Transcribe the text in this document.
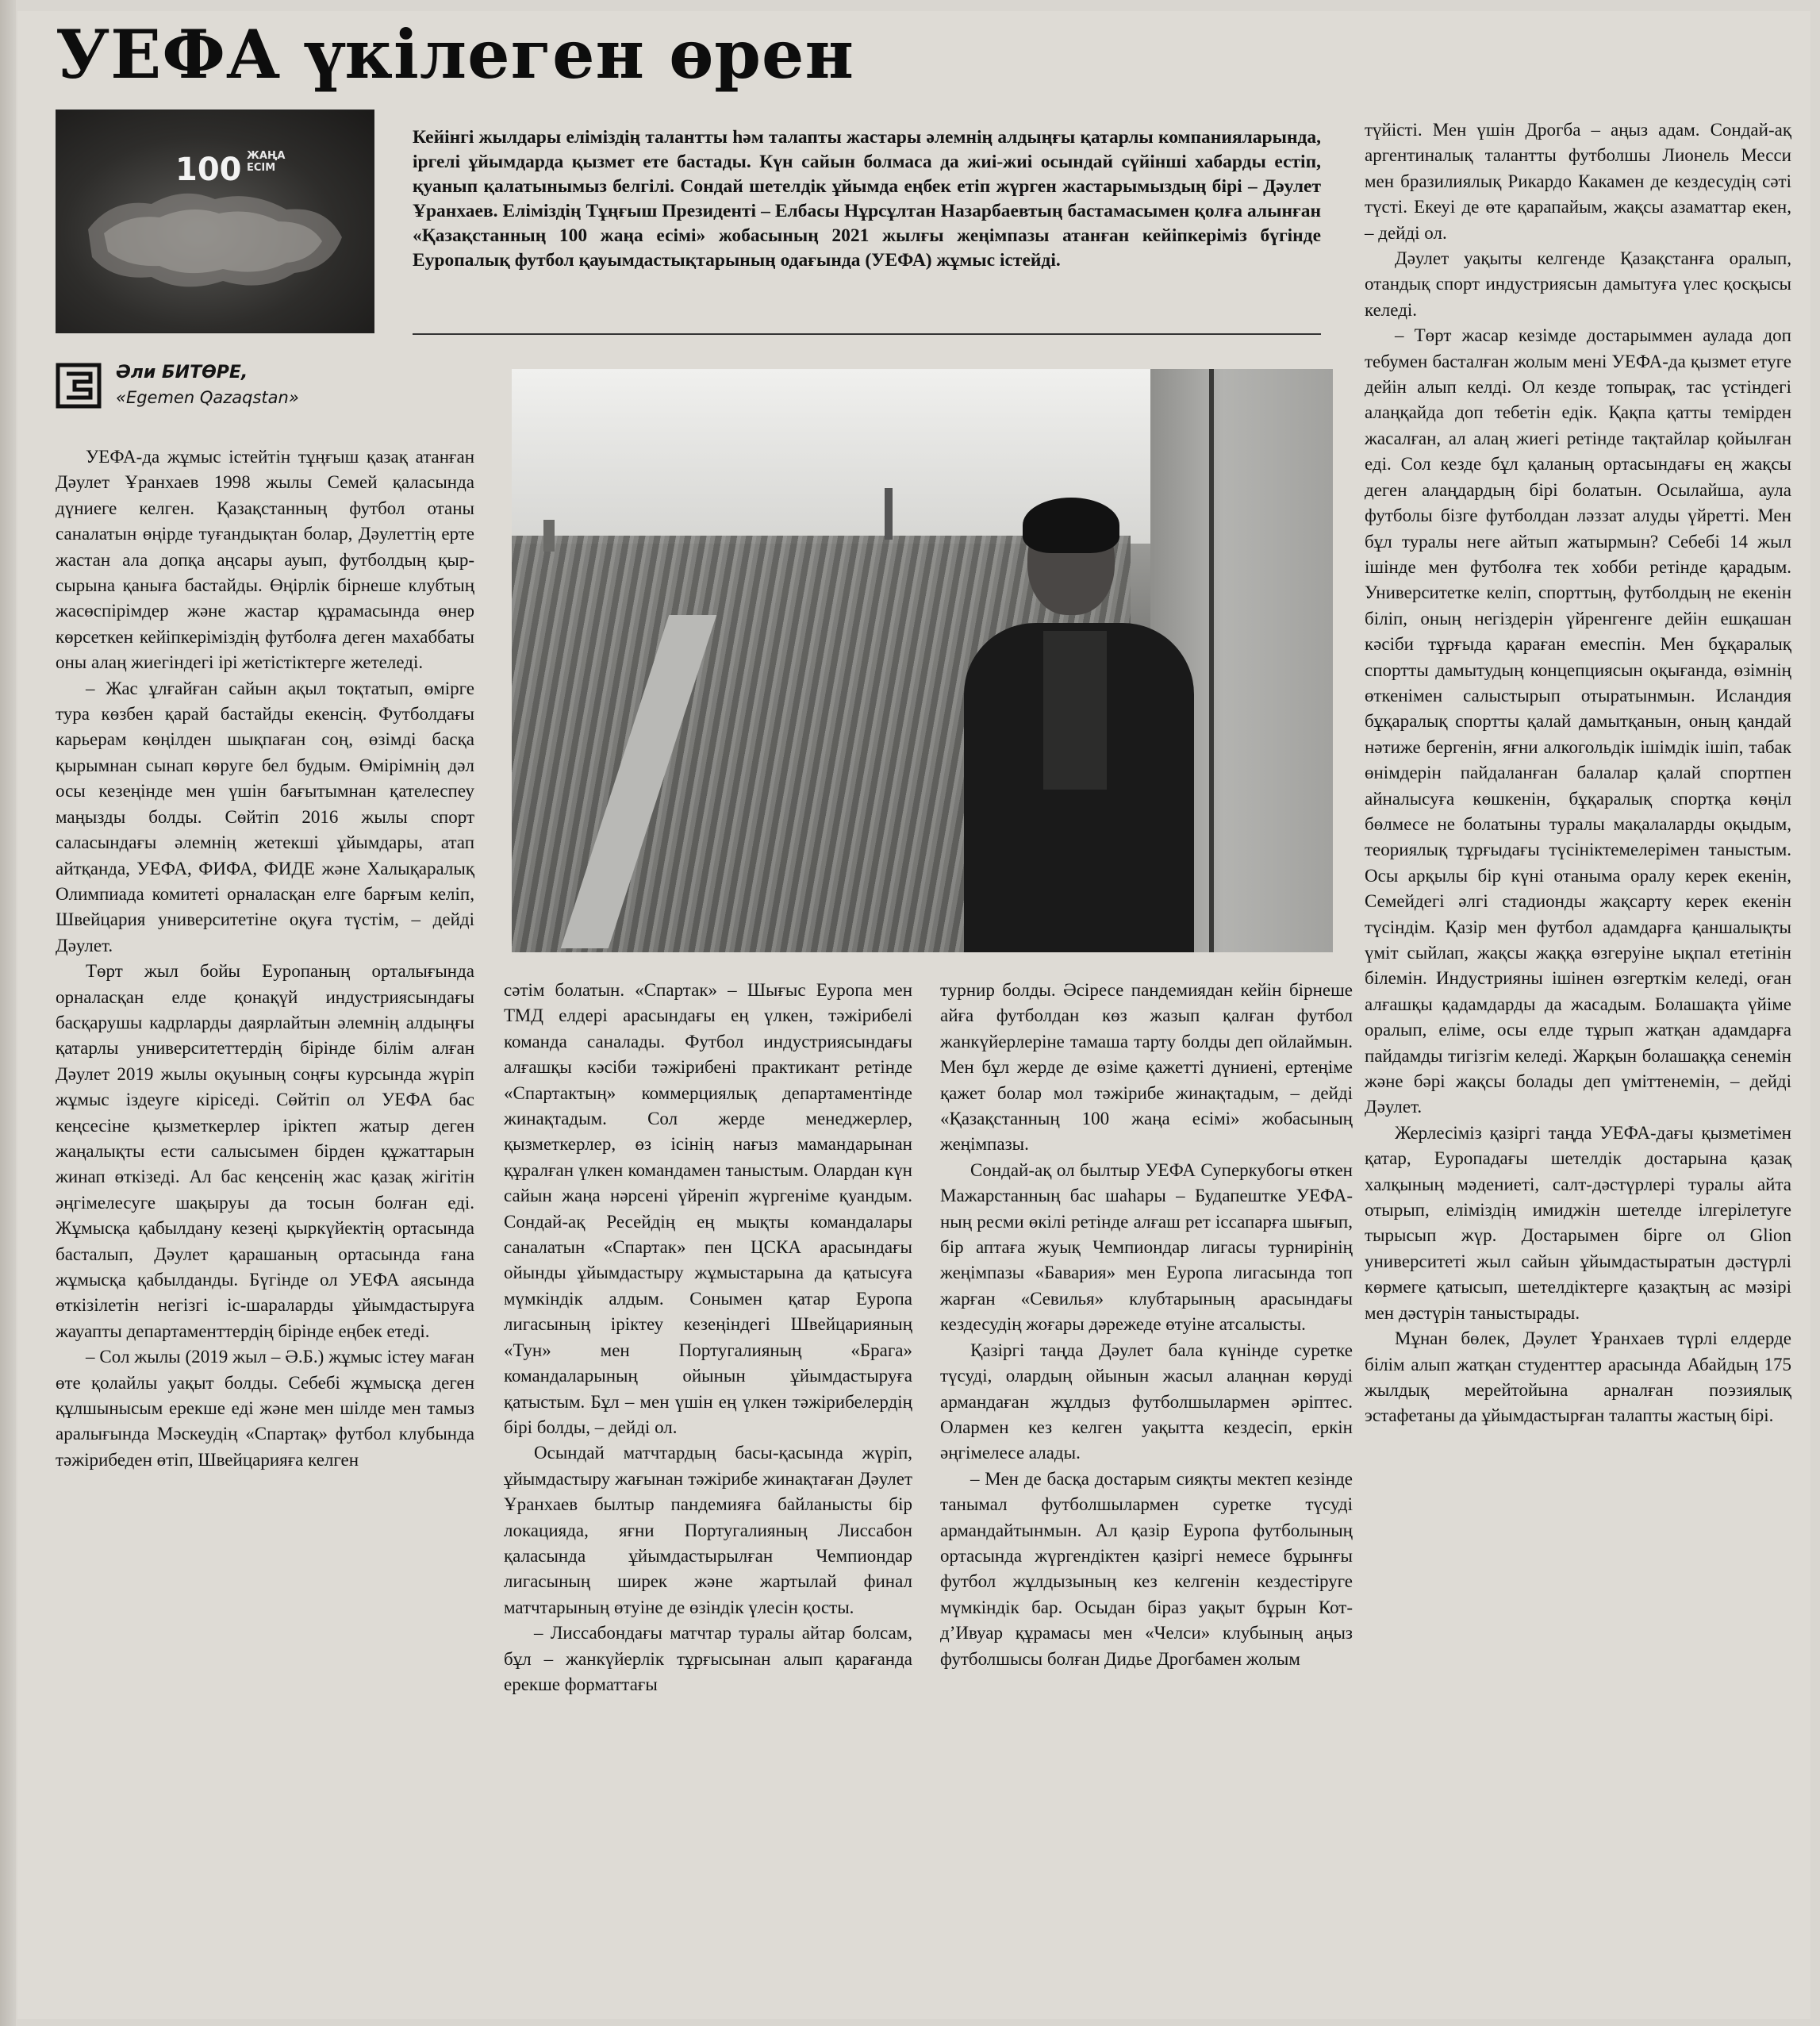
УЕФА үкілеген өрен
100 ЖАҢА ЕСІМ

Кейінгі жылдары еліміздің талантты һәм талапты жастары әлемнің алдыңғы қатарлы компанияларында, іргелі ұйымдарда қызмет ете бастады. Күн сайын болмаса да жиі-жиі осындай сүйінші хабарды естіп, қуанып қалатынымыз белгілі. Сондай шетелдік ұйымда еңбек етіп жүрген жастарымыздың бірі – Дәулет Ұранхаев. Еліміздің Тұңғыш Президенті – Елбасы Нұрсұлтан Назарбаевтың бастамасымен қолға алынған «Қазақстанның 100 жаңа есімі» жобасының 2021 жылғы жеңімпазы атанған кейіпкеріміз бүгінде Еуропалық футбол қауымдастықтарының одағында (УЕФА) жұмыс істейді.

Әли БИТӨРЕ,
«Egemen Qazaqstan»

УЕФА-да жұмыс істейтін тұңғыш қазақ атанған Дәулет Ұранхаев 1998 жылы Семей қаласында дүниеге келген. Қазақстанның футбол отаны саналатын өңірде туғандықтан болар, Дәулеттің ерте жастан ала допқа аңсары ауып, футболдың қыр-сырына қаныға бастайды. Өңірлік бірнеше клубтың жасөспірімдер және жастар құрамасында өнер көрсеткен кейіпкеріміздің футболға деген махаббаты оны алаң жиегіндегі ірі жетістіктерге жетеледі.

– Жас ұлғайған сайын ақыл тоқтатып, өмірге тура көзбен қарай бастайды екенсің. Футболдағы карьерам көңілден шықпаған соң, өзімді басқа қырымнан сынап көруге бел будым. Өмірімнің дәл осы кезеңінде мен үшін бағытымнан қателеспеу маңызды болды. Сөйтіп 2016 жылы спорт саласындағы әлемнің жетекші ұйымдары, атап айтқанда, УЕФА, ФИФА, ФИДЕ және Халықаралық Олимпиада комитеті орналасқан елге барғым келіп, Швейцария университетіне оқуға түстім, – дейді Дәулет.

Төрт жыл бойы Еуропаның орталығында орналасқан елде қонақүй индустриясындағы басқарушы кадрларды даярлайтын әлемнің алдыңғы қатарлы университеттердің бірінде білім алған Дәулет 2019 жылы оқуының соңғы курсында жүріп жұмыс іздеуге кіріседі. Сөйтіп ол УЕФА бас кеңсесіне қызметкерлер іріктеп жатыр деген жаңалықты ести салысымен бірден құжаттарын жинап өткізеді. Ал бас кеңсенің жас қазақ жігітін әңгімелесуге шақыруы да тосын болған еді. Жұмысқа қабылдану кезеңі қыркүйектің ортасында басталып, Дәулет қарашаның ортасында ғана жұмысқа қабылданды. Бүгінде ол УЕФА аясында өткізілетін негізгі іс-шараларды ұйымдастыруға жауапты департаменттердің бірінде еңбек етеді.

– Сол жылы (2019 жыл – Ә.Б.) жұмыс істеу маған өте қолайлы уақыт болды. Себебі жұмысқа деген құлшынысым ерекше еді және мен шілде мен тамыз аралығында Мәскеудің «Спартақ» футбол клубында тәжірибеден өтіп, Швейцарияға келген

сәтім болатын. «Спартак» – Шығыс Еуропа мен ТМД елдері арасындағы ең үлкен, тәжірибелі команда саналады. Футбол индустриясындағы алғашқы кәсіби тәжірибені практикант ретінде «Спартактың» коммерциялық департаментінде жинақтадым. Сол жерде менеджерлер, қызметкерлер, өз ісінің нағыз мамандарынан құралған үлкен командамен таныстым. Олардан күн сайын жаңа нәрсені үйреніп жүргеніме қуандым. Сондай-ақ Ресейдің ең мықты командалары саналатын «Спартак» пен ЦСКА арасындағы ойынды ұйымдастыру жұмыстарына да қатысуға мүмкіндік алдым. Сонымен қатар Еуропа лигасының іріктеу кезеңіндегі Швейцарияның «Тун» мен Португалияның «Брага» командаларының ойынын ұйымдастыруға қатыстым. Бұл – мен үшін ең үлкен тәжірибелердің бірі болды, – дейді ол.

Осындай матчтардың басы-қасында жүріп, ұйымдастыру жағынан тәжірибе жинақтаған Дәулет Ұранхаев былтыр пандемияға байланысты бір локацияда, яғни Португалияның Лиссабон қаласында ұйымдастырылған Чемпиондар лигасының ширек және жартылай финал матчтарының өтуіне де өзіндік үлесін қосты.

– Лиссабондағы матчтар туралы айтар болсам, бұл – жанкүйерлік тұрғысынан алып қарағанда ерекше форматтағы

турнир болды. Әсіресе пандемиядан кейін бірнеше айға футболдан көз жазып қалған футбол жанкүйерлеріне тамаша тарту болды деп ойлаймын. Мен бұл жерде де өзіме қажетті дүниені, ертеңіме қажет болар мол тәжірибе жинақтадым, – дейді «Қазақстанның 100 жаңа есімі» жобасының жеңімпазы.

Сондай-ақ ол былтыр УЕФА Суперкубогы өткен Мажарстанның бас шаһары – Будапештке УЕФА-ның ресми өкілі ретінде алғаш рет іссапарға шығып, бір аптаға жуық Чемпиондар лигасы турнирінің жеңімпазы «Бавария» мен Еуропа лигасында топ жарған «Севилья» клубтарының арасындағы кездесудің жоғары дәрежеде өтуіне атсалысты.

Қазіргі таңда Дәулет бала күнінде суретке түсуді, олардың ойынын жасыл алаңнан көруді армандаған жұлдыз футболшылармен әріптес. Олармен кез келген уақытта кездесіп, еркін әңгімелесе алады.

– Мен де басқа достарым сияқты мектеп кезінде танымал футболшылармен суретке түсуді армандайтынмын. Ал қазір Еуропа футболының ортасында жүргендіктен қазіргі немесе бұрынғы футбол жұлдызының кез келгенін кездестіруге мүмкіндік бар. Осыдан біраз уақыт бұрын Кот-д’Ивуар құрамасы мен «Челси» клубының аңыз футболшысы болған Дидье Дрогбамен жолым

түйісті. Мен үшін Дрогба – аңыз адам. Сондай-ақ аргентиналық талантты футболшы Лионель Месси мен бразилиялық Рикардо Какамен де кездесудің сәті түсті. Екеуі де өте қарапайым, жақсы азаматтар екен, – дейді ол.

Дәулет уақыты келгенде Қазақстанға оралып, отандық спорт индустриясын дамытуға үлес қосқысы келеді.

– Төрт жасар кезімде достарыммен аулада доп тебумен басталған жолым мені УЕФА-да қызмет етуге дейін алып келді. Ол кезде топырақ, тас үстіндегі алаңқайда доп тебетін едік. Қақпа қатты темірден жасалған, ал алаң жиегі ретінде тақтайлар қойылған еді. Сол кезде бұл қаланың ортасындағы ең жақсы деген алаңдардың бірі болатын. Осылайша, аула футболы бізге футболдан ләззат алуды үйретті. Мен бұл туралы неге айтып жатырмын? Себебі 14 жыл ішінде мен футболға тек хобби ретінде қарадым. Университетке келіп, спорттың, футболдың не екенін біліп, оның негіздерін үйренгенге дейін ешқашан кәсіби тұрғыда қараған емеспін. Мен бұқаралық спортты дамытудың концепциясын оқығанда, өзімнің өткенімен салыстырып отыратынмын. Исландия бұқаралық спортты қалай дамытқанын, оның қандай нәтиже бергенін, яғни алкогольдік ішімдік ішіп, табак өнімдерін пайдаланған балалар қалай спортпен айналысуға көшкенін, бұқаралық спортқа көңіл бөлмесе не болатыны туралы мақалаларды оқыдым, теориялық тұрғыдағы түсініктемелерімен таныстым. Осы арқылы бір күні отаныма оралу керек екенін, Семейдегі әлгі стадионды жақсарту керек екенін түсіндім. Қазір мен футбол адамдарға қаншалықты үміт сыйлап, жақсы жаққа өзгеруіне ықпал ететінін білемін. Индустрияны ішінен өзгерткім келеді, оған алғашқы қадамдарды да жасадым. Болашақта үйіме оралып, еліме, осы елде тұрып жатқан адамдарға пайдамды тигізгім келеді. Жарқын болашаққа сенемін және бәрі жақсы болады деп үміттенемін, – дейді Дәулет.

Жерлесіміз қазіргі таңда УЕФА-дағы қызметімен қатар, Еуропадағы шетелдік достарына қазақ халқының мәдениеті, салт-дәстүрлері туралы айта отырып, еліміздің имиджін шетелде ілгерілетуге тырысып жүр. Достарымен бірге ол Glion университеті жыл сайын ұйымдастыратын дәстүрлі көрмеге қатысып, шетелдіктерге қазақтың ас мәзірі мен дәстүрін таныстырады.

Мұнан бөлек, Дәулет Ұранхаев түрлі елдерде білім алып жатқан студенттер арасында Абайдың 175 жылдық мерейтойына арналған поэзиялық эстафетаны да ұйымдастырған талапты жастың бірі.
